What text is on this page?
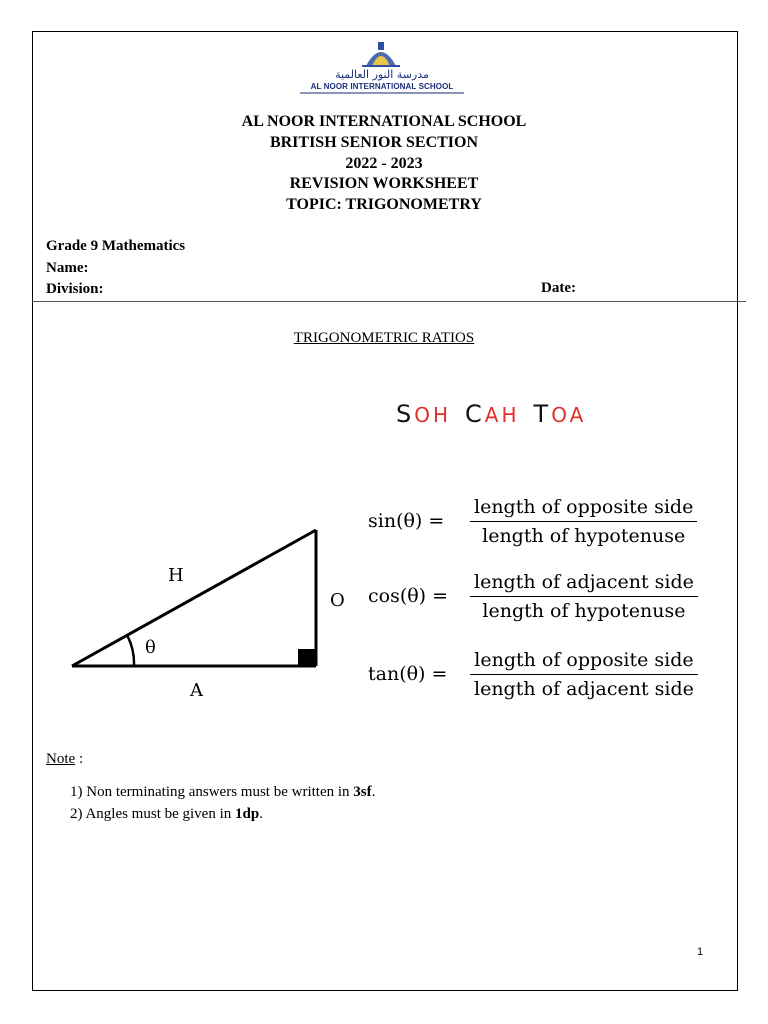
مدرسة النور العالمية
AL NOOR INTERNATIONAL SCHOOL
AL NOOR INTERNATIONAL SCHOOL
BRITISH SENIOR SECTION
2022 - 2023
REVISION WORKSHEET
TOPIC: TRIGONOMETRY
Grade 9 Mathematics
Name:
Division:	Date:
TRIGONOMETRIC RATIOS
SOH CAH TOA
H
O
A
θ
sin(θ) =	$\frac{\text{length of opposite side}}{\text{length of hypotenuse}}$
cos(θ) =	$\frac{\text{length of adjacent side}}{\text{length of hypotenuse}}$
tan(θ) =	$\frac{\text{length of opposite side}}{\text{length of adjacent side}}$
Note :
1) Non terminating answers must be written in 3sf.
2) Angles must be given in 1dp.
1
